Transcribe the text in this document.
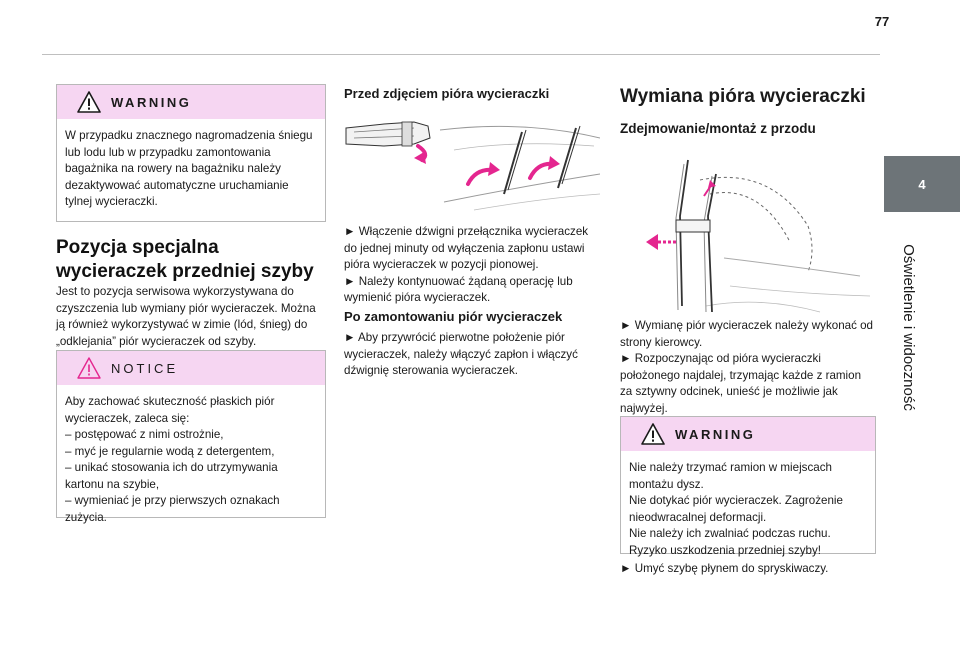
77
4
Oświetlenie i widoczność
WARNING

W przypadku znacznego nagromadzenia śniegu lub lodu lub w przypadku zamontowania bagażnika na rowery na bagażniku należy dezaktywować automatyczne uruchamianie tylnej wycieraczki.

Pozycja specjalna wycieraczek przedniej szyby

Jest to pozycja serwisowa wykorzystywana do czyszczenia lub wymiany piór wycieraczek. Można ją również wykorzystywać w zimie (lód, śnieg) do „odklejania” piór wycieraczek od szyby.

NOTICE

Aby zachować skuteczność płaskich piór wycieraczek, zaleca się:

– postępować z nimi ostrożnie,

– myć je regularnie wodą z detergentem,

– unikać stosowania ich do utrzymywania kartonu na szybie,

– wymieniać je przy pierwszych oznakach zużycia.

Przed zdjęciem pióra wycieraczki

► Włączenie dźwigni przełącznika wycieraczek do jednej minuty od wyłączenia zapłonu ustawi pióra wycieraczek w pozycji pionowej.

► Należy kontynuować żądaną operację lub wymienić pióra wycieraczek.

Po zamontowaniu piór wycieraczek

► Aby przywrócić pierwotne położenie piór wycieraczek, należy włączyć zapłon i włączyć dźwignię sterowania wycieraczek.

Wymiana pióra wycieraczki
Zdejmowanie/montaż z przodu

► Wymianę piór wycieraczek należy wykonać od strony kierowcy.

► Rozpoczynając od pióra wycieraczki położonego najdalej, trzymając każde z ramion za sztywny odcinek, unieść je możliwie jak najwyżej.

WARNING

Nie należy trzymać ramion w miejscach montażu dysz.

Nie dotykać piór wycieraczek. Zagrożenie nieodwracalnej deformacji.

Nie należy ich zwalniać podczas ruchu.

Ryzyko uszkodzenia przedniej szyby!

► Umyć szybę płynem do spryskiwaczy.
